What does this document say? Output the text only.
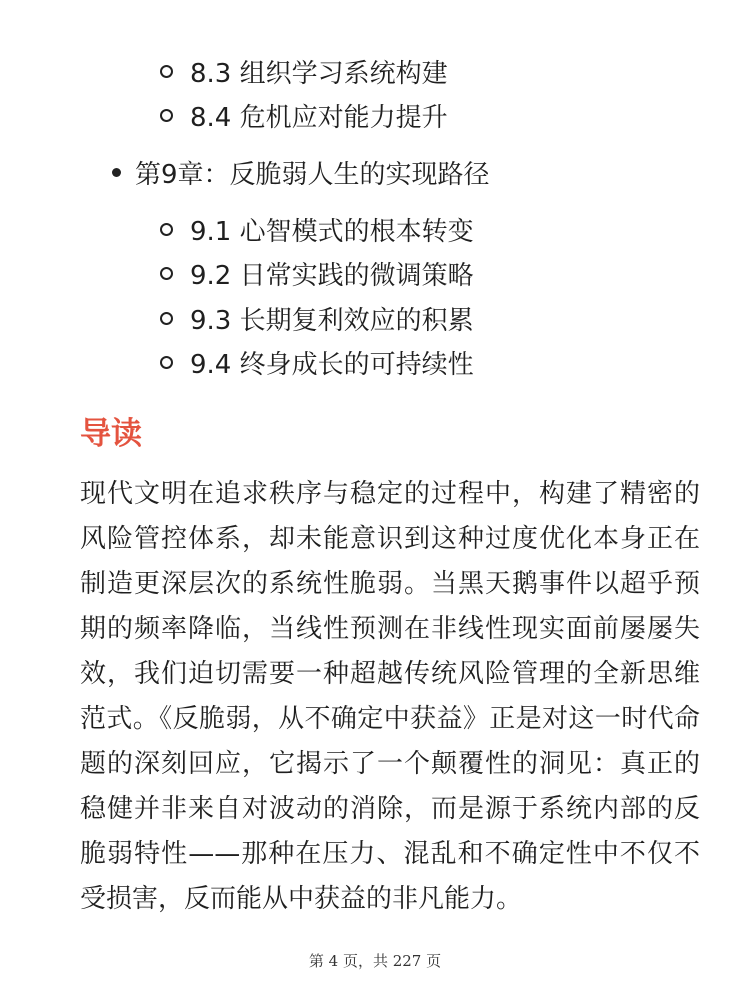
8.3 组织学习系统构建
8.4 危机应对能力提升
第9章：反脆弱人生的实现路径
9.1 心智模式的根本转变
9.2 日常实践的微调策略
9.3 长期复利效应的积累
9.4 终身成长的可持续性
导读

现代文明在追求秩序与稳定的过程中，构建了精密的风险管控体系，却未能意识到这种过度优化本身正在制造更深层次的系统性脆弱。当黑天鹅事件以超乎预期的频率降临，当线性预测在非线性现实面前屡屡失效，我们迫切需要一种超越传统风险管理的全新思维范式。《反脆弱，从不确定中获益》正是对这一时代命题的深刻回应，它揭示了一个颠覆性的洞见：真正的稳健并非来自对波动的消除，而是源于系统内部的反脆弱特性——那种在压力、混乱和不确定性中不仅不受损害，反而能从中获益的非凡能力。

第 4 页，共 227 页
